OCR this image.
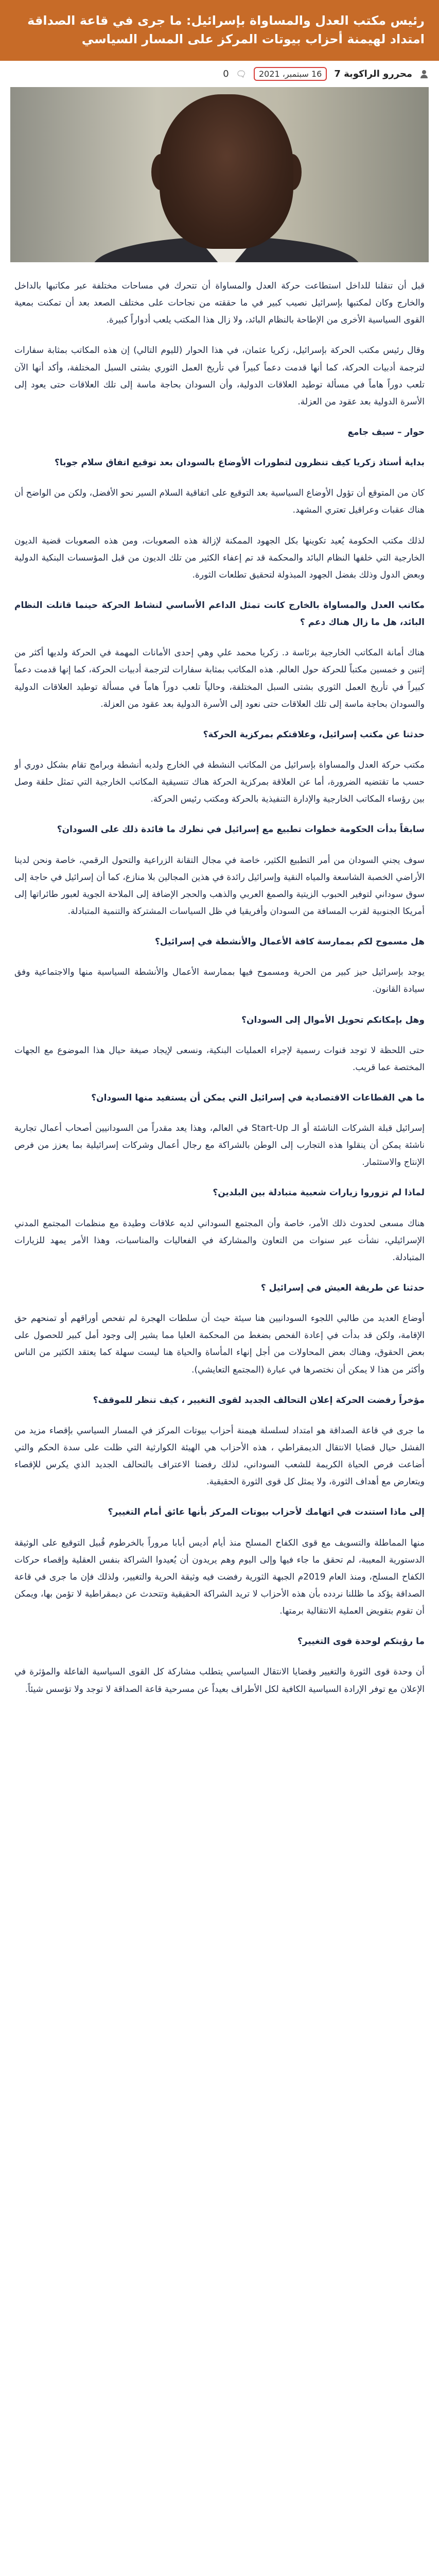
رئيس مكتب العدل والمساواة بإسرائيل: ما جرى في قاعة الصداقة امتداد لهيمنة أحزاب بيوتات المركز على المسار السياسي
محررو الراكوبة 7
16 سبتمبر، 2021
🗨
0

قبل أن تنقلنا للداخل استطاعت حركة العدل والمساواة أن تتحرك في مساحات مختلفة عبر مكاتبها بالداخل والخارج وكان لمكتبها بإسرائيل نصيب كبير في ما حققته من نجاحات على مختلف الصعد بعد أن تمكنت بمعية القوى السياسية الأخرى من الإطاحة بالنظام البائد، ولا زال هذا المكتب يلعب أدواراً كبيرة.

وقال رئيس مكتب الحركة بإسرائيل، زكريا عثمان، في هذا الحوار (لليوم التالي) إن هذه المكاتب بمثابة سفارات لترجمة أدبيات الحركة، كما أنها قدمت دعماً كبيراً في تأريخ العمل الثوري بشتى السبل المختلفة، وأكد أنها الآن تلعب دوراً هاماً في مسألة توطيد العلاقات الدولية، وأن السودان بحاجة ماسة إلى تلك العلاقات حتى يعود إلى الأسرة الدولية بعد عقود من العزلة.

حوار – سيف جامع

بداية أستاذ زكريا كيف تنظرون لتطورات الأوضاع بالسودان بعد توقيع اتفاق سلام جوبا؟

كان من المتوقع أن تؤول الأوضاع السياسية بعد التوقيع على اتفاقية السلام السير نحو الأفضل، ولكن من الواضح أن هناك عقبات وعراقيل تعتري المشهد.

لذلك مكتب الحكومة يُعيد تكوينها بكل الجهود الممكنة لإزالة هذه الصعوبات، ومن هذه الصعوبات قضية الديون الخارجية التي خلفها النظام البائد والمحكمة قد تم إعفاء الكثير من تلك الديون من قبل المؤسسات البنكية الدولية وبعض الدول وذلك بفضل الجهود المبذولة لتحقيق تطلعات الثورة.

مكاتب العدل والمساواة بالخارج كانت تمثل الداعم الأساسي لنشاط الحركة حينما قاتلت النظام البائد، هل ما زال هناك دعم ؟

هناك أمانة المكاتب الخارجية برئاسة د. زكريا محمد علي وهي إحدى الأمانات المهمة في الحركة ولديها أكثر من إثنين و خمسين مكتباً للحركة حول العالم. هذه المكاتب بمثابة سفارات لترجمة أدبيات الحركة، كما إنها قدمت دعماً كبيراً في تأريخ العمل الثوري بشتى السبل المختلفة، وحالياً تلعب دوراً هاماً في مسألة توطيد العلاقات الدولية والسودان بحاجة ماسة إلى تلك العلاقات حتى نعود إلى الأسرة الدولية بعد عقود من العزلة.

حدثنا عن مكتب إسرائيل، وعلاقتكم بمركزية الحركة؟

مكتب حركة العدل والمساواة بإسرائيل من المكاتب النشطة في الخارج ولديه أنشطة وبرامج تقام بشكل دوري أو حسب ما تقتضيه الضرورة، أما عن العلاقة بمركزية الحركة هناك تنسيقية المكاتب الخارجية التي تمثل حلقة وصل بين رؤساء المكاتب الخارجية والإدارة التنفيذية بالحركة ومكتب رئيس الحركة.

سابقاً بدأت الحكومة خطوات تطبيع مع إسرائيل في نظرك ما فائدة ذلك على السودان؟

سوف يجني السودان من أمر التطبيع الكثير، خاصة في مجال التقانة الزراعية والتحول الرقمي، خاصة ونحن لدينا الأراضي الخصبة الشاسعة والمياه النقية وإسرائيل رائدة في هذين المجالين بلا منازع، كما أن إسرائيل في حاجة إلى سوق سوداني لتوفير الحبوب الزيتية والصمغ العربي والذهب والحجر الإضافة إلى الملاحة الجوية لعبور طائراتها إلى أمريكا الجنوبية لقرب المسافة من السودان وأفريقيا في ظل السياسات المشتركة والتنمية المتبادلة.

هل مسموح لكم بممارسة كافة الأعمال والأنشطة في إسرائيل؟

يوجد بإسرائيل حيز كبير من الحرية ومسموح فيها بممارسة الأعمال والأنشطة السياسية منها والاجتماعية وفق سيادة القانون.

وهل بإمكانكم تحويل الأموال إلى السودان؟

حتى اللحظة لا توجد قنوات رسمية لإجراء العمليات البنكية، ونسعى لإيجاد صيغة حيال هذا الموضوع مع الجهات المختصة عما قريب.

ما هي القطاعات الاقتصادية في إسرائيل التي يمكن أن يستفيد منها السودان؟

إسرائيل قبلة الشركات الناشئة أو الـ Start-Up في العالم، وهذا يعد مقدراً من السودانيين أصحاب أعمال تجارية ناشئة يمكن أن ينقلوا هذه التجارب إلى الوطن بالشراكة مع رجال أعمال وشركات إسرائيلية بما يعزز من فرص الإنتاج والاستثمار.

لماذا لم تزوروا زيارات شعبية متبادلة بين البلدين؟

هناك مسعى لحدوث ذلك الأمر، خاصة وأن المجتمع السوداني لديه علاقات وطيدة مع منظمات المجتمع المدني الإسرائيلي، نشأت عبر سنوات من التعاون والمشاركة في الفعاليات والمناسبات، وهذا الأمر يمهد للزيارات المتبادلة.

حدثنا عن طريقة العيش في إسرائيل ؟

أوضاع العديد من طالبي اللجوء السودانيين هنا سيئة حيث أن سلطات الهجرة لم تفحص أوراقهم أو تمنحهم حق الإقامة، ولكن قد بدأت في إعادة الفحص بضغط من المحكمة العليا مما يشير إلى وجود أمل كبير للحصول على بعض الحقوق، وهناك بعض المحاولات من أجل إنهاء المأساة والحياة هنا ليست سهلة كما يعتقد الكثير من الناس وأكثر من هذا لا يمكن أن نختصرها في عبارة (المجتمع التعايشي).

مؤخراً رفضت الحركة إعلان التحالف الجديد لقوى التغيير ، كيف تنظر للموقف؟

ما جرى في قاعة الصداقة هو امتداد لسلسلة هيمنة أحزاب بيوتات المركز في المسار السياسي بإقصاء مزيد من الفشل حيال قضايا الانتقال الديمقراطي ، هذه الأحزاب هي الهيئة الكوارثية التي ظلت على سدة الحكم والتي أضاعت فرص الحياة الكريمة للشعب السوداني، لذلك رفضنا الاعتراف بالتحالف الجديد الذي يكرس للإقصاء ويتعارض مع أهداف الثورة، ولا يمثل كل قوى الثورة الحقيقية.

إلى ماذا استندت في اتهامك لأحزاب بيوتات المركز بأنها عائق أمام التغيير؟

منها المماطلة والتسويف مع قوى الكفاح المسلح منذ أيام أديس أبابا مروراً بالخرطوم قُبيل التوقيع على الوثيقة الدستورية المعيبة، لم تحقق ما جاء فيها وإلى اليوم وهم يريدون أن يُعيدوا الشراكة بنفس العقلية وإقصاء حركات الكفاح المسلح، ومنذ العام 2019م الجبهة الثورية رفضت فيه وثيقة الحرية والتغيير، ولذلك فإن ما جرى في قاعة الصداقة يؤكد ما ظللنا نردده بأن هذه الأحزاب لا تريد الشراكة الحقيقية وتتحدث عن ديمقراطية لا تؤمن بها، ويمكن أن تقوم بتقويض العملية الانتقالية برمتها.

ما رؤيتكم لوحدة قوى التغيير؟

أن وحدة قوى الثورة والتغيير وقضايا الانتقال السياسي يتطلب مشاركة كل القوى السياسية الفاعلة والمؤثرة في الإعلان مع توفر الإرادة السياسية الكافية لكل الأطراف بعيداً عن مسرحية قاعة الصداقة لا توجد ولا تؤسس شيئاً.
